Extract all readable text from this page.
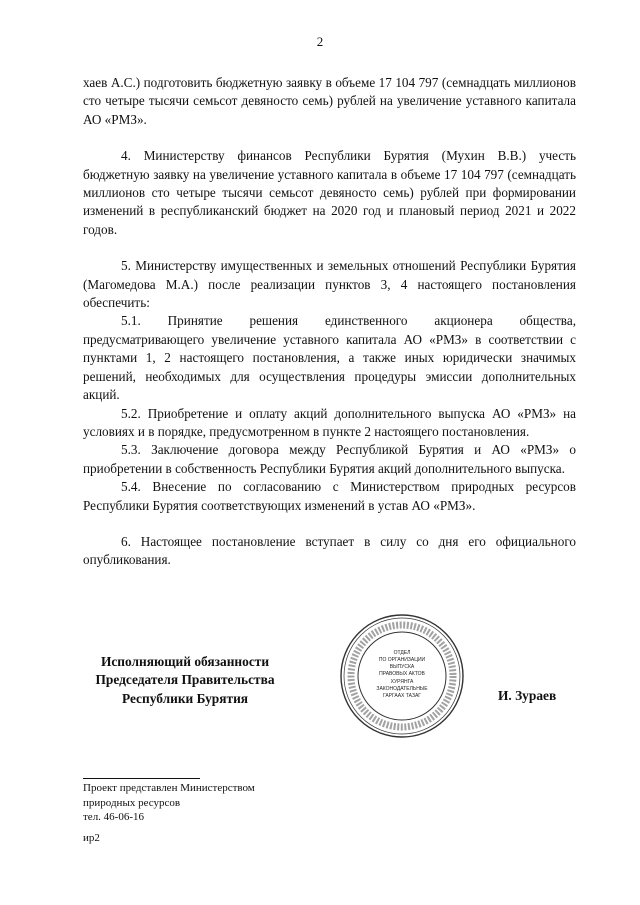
2

хаев А.С.) подготовить бюджетную заявку в объеме 17 104 797 (семнадцать миллионов сто четыре тысячи семьсот девяносто семь) рублей на увеличение уставного капитала АО «РМЗ».

4. Министерству финансов Республики Бурятия (Мухин В.В.) учесть бюджетную заявку на увеличение уставного капитала в объеме 17 104 797 (семнадцать миллионов сто четыре тысячи семьсот девяносто семь) рублей при формировании изменений в республиканский бюджет на 2020 год и плановый период 2021 и 2022 годов.

5. Министерству имущественных и земельных отношений Республики Бурятия (Магомедова М.А.) после реализации пунктов 3, 4 настоящего постановления обеспечить:

5.1. Принятие решения единственного акционера общества, предусматривающего увеличение уставного капитала АО «РМЗ» в соответствии с пунктами 1, 2 настоящего постановления, а также иных юридически значимых решений, необходимых для осуществления процедуры эмиссии дополнительных акций.

5.2. Приобретение и оплату акций дополнительного выпуска АО «РМЗ» на условиях и в порядке, предусмотренном в пункте 2 настоящего постановления.

5.3. Заключение договора между Республикой Бурятия и АО «РМЗ» о приобретении в собственность Республики Бурятия акций дополнительного выпуска.

5.4. Внесение по согласованию с Министерством природных ресурсов Республики Бурятия соответствующих изменений в устав АО «РМЗ».

6. Настоящее постановление вступает в силу со дня его официального опубликования.

Исполняющий обязанности
Председателя Правительства
Республики Бурятия
ОТДЕЛ
ПО ОРГАНИЗАЦИИ
ВЫПУСКА
ПРАВОВЫХ АКТОВ
ХУРЯНГА
ЗАКОНОДАТЕЛЬНЫЕ
ГАРГААХ ТАЗАГ	И. Зураев
Проект представлен Министерством
природных ресурсов
тел. 46-06-16
ир2
